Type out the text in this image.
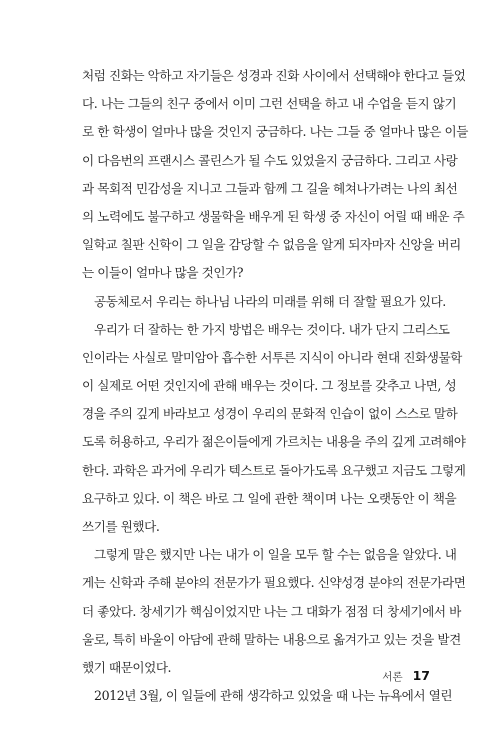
처럼 진화는 악하고 자기들은 성경과 진화 사이에서 선택해야 한다고 들었
다. 나는 그들의 친구 중에서 이미 그런 선택을 하고 내 수업을 듣지 않기
로 한 학생이 얼마나 많을 것인지 궁금하다. 나는 그들 중 얼마나 많은 이들
이 다음번의 프랜시스 콜린스가 될 수도 있었을지 궁금하다. 그리고 사랑
과 목회적 민감성을 지니고 그들과 함께 그 길을 헤쳐나가려는 나의 최선
의 노력에도 불구하고 생물학을 배우게 된 학생 중 자신이 어릴 때 배운 주
일학교 칠판 신학이 그 일을 감당할 수 없음을 알게 되자마자 신앙을 버리
는 이들이 얼마나 많을 것인가?
공동체로서 우리는 하나님 나라의 미래를 위해 더 잘할 필요가 있다.
우리가 더 잘하는 한 가지 방법은 배우는 것이다. 내가 단지 그리스도
인이라는 사실로 말미암아 흡수한 서투른 지식이 아니라 현대 진화생물학
이 실제로 어떤 것인지에 관해 배우는 것이다. 그 정보를 갖추고 나면, 성
경을 주의 깊게 바라보고 성경이 우리의 문화적 인습이 없이 스스로 말하
도록 허용하고, 우리가 젊은이들에게 가르치는 내용을 주의 깊게 고려해야
한다. 과학은 과거에 우리가 텍스트로 돌아가도록 요구했고 지금도 그렇게
요구하고 있다. 이 책은 바로 그 일에 관한 책이며 나는 오랫동안 이 책을
쓰기를 원했다.
그렇게 말은 했지만 나는 내가 이 일을 모두 할 수는 없음을 알았다. 내
게는 신학과 주해 분야의 전문가가 필요했다. 신약성경 분야의 전문가라면
더 좋았다. 창세기가 핵심이었지만 나는 그 대화가 점점 더 창세기에서 바
울로, 특히 바울이 아담에 관해 말하는 내용으로 옮겨가고 있는 것을 발견
했기 때문이었다.
2012년 3월, 이 일들에 관해 생각하고 있었을 때 나는 뉴욕에서 열린
서론 17
